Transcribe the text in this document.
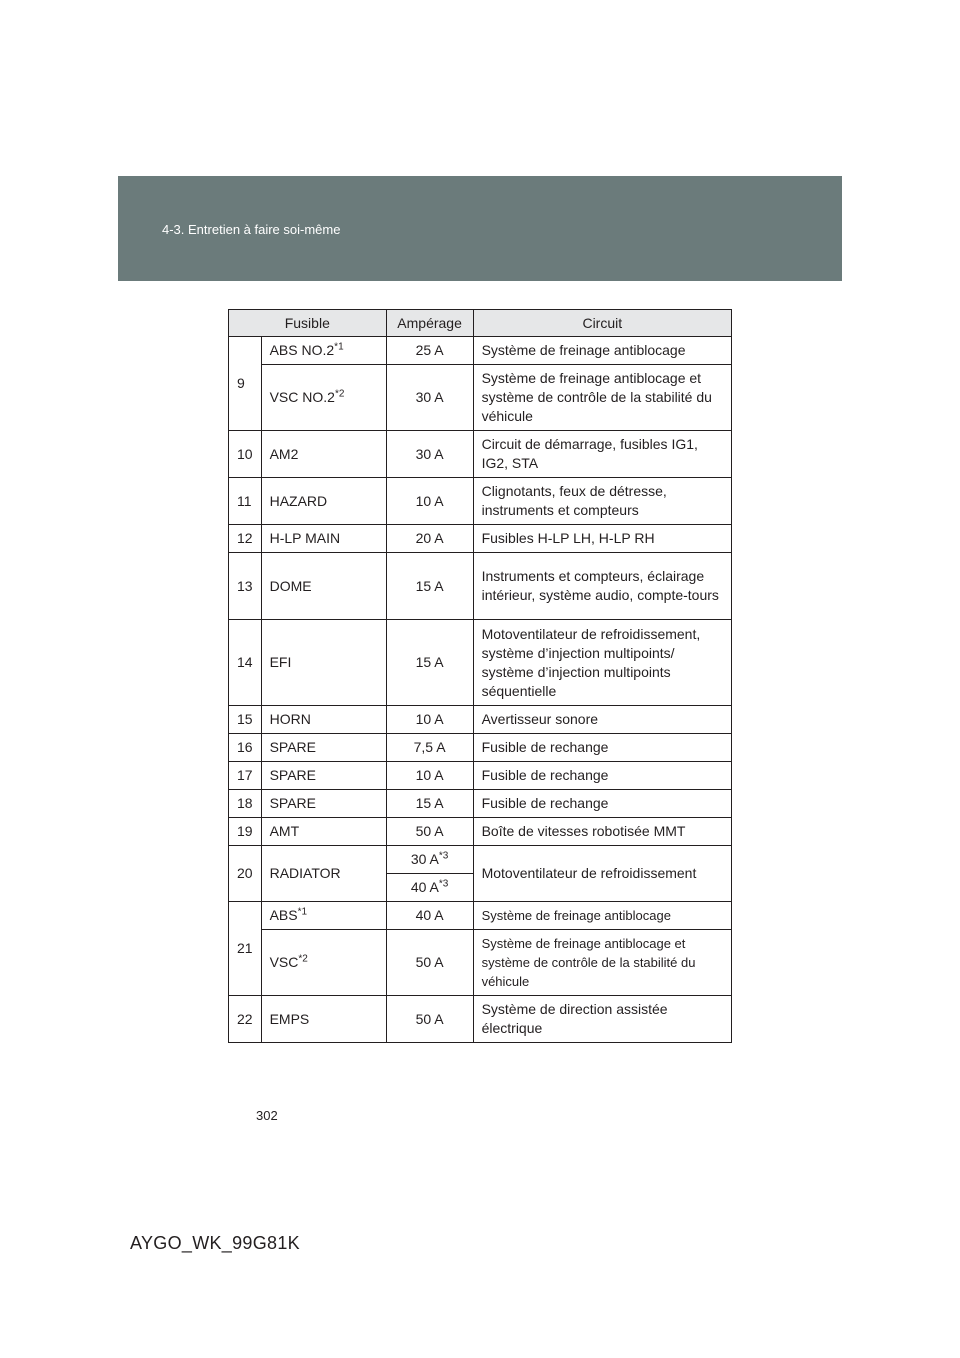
4-3. Entretien à faire soi-même
Fusible		Ampérage	Circuit
9	ABS NO.2$^{*1}$	25 A	Système de freinage antiblocage
	VSC NO.2$^{*2}$	30 A	Système de freinage antiblocage et système de contrôle de la stabilité du véhicule
10	AM2	30 A	Circuit de démarrage, fusibles IG1, IG2, STA
11	HAZARD	10 A	Clignotants, feux de détresse, instruments et compteurs
12	H-LP MAIN	20 A	Fusibles H-LP LH, H-LP RH
13	DOME	15 A	Instruments et compteurs, éclairage intérieur, système audio, compte-tours
14	EFI	15 A	Motoventilateur de refroidissement, système d’injection multipoints/ système d’injection multipoints séquentielle
15	HORN	10 A	Avertisseur sonore
16	SPARE	7,5 A	Fusible de rechange
17	SPARE	10 A	Fusible de rechange
18	SPARE	15 A	Fusible de rechange
19	AMT	50 A	Boîte de vitesses robotisée MMT
20	RADIATOR	30 $A^{*3}$	Motoventilateur de refroidissement
		40 $A^{*3}$
21	ABS$^{*1}$	40 A	Système de freinage antiblocage
	VSC$^{*2}$	50 A	Système de freinage antiblocage et système de contrôle de la stabilité du véhicule
22	EMPS	50 A	Système de direction assistée électrique
302
AYGO_WK_99G81K
